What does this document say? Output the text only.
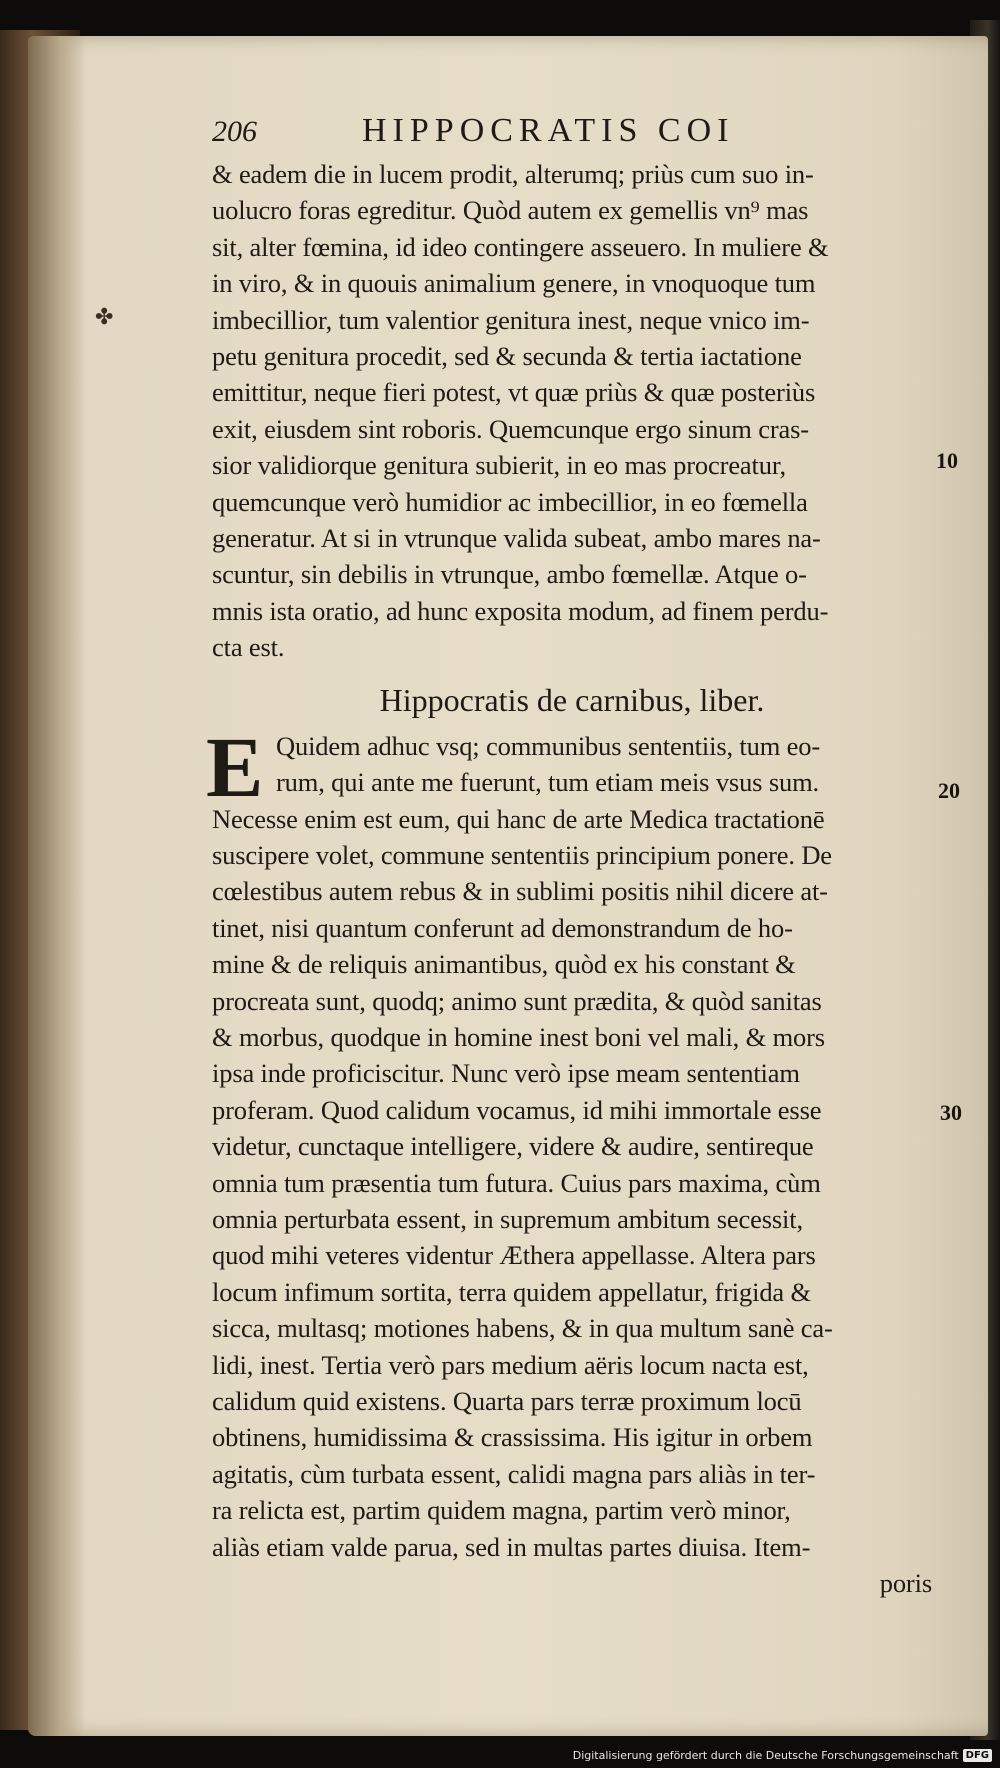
✤
10
20
30
206	HIPPOCRATIS COI
& eadem die in lucem prodit, alterumq; priùs cum suo in-
uolucro foras egreditur. Quòd autem ex gemellis vn⁹ mas
sit, alter fœmina, id ideo contingere asseuero. In muliere &
in viro, & in quouis animalium genere, in vnoquoque tum
imbecillior, tum valentior genitura inest, neque vnico im-
petu genitura procedit, sed & secunda & tertia iactatione
emittitur, neque fieri potest, vt quæ priùs & quæ posteriùs
exit, eiusdem sint roboris. Quemcunque ergo sinum cras-
sior validiorque genitura subierit, in eo mas procreatur,
quemcunque verò humidior ac imbecillior, in eo fœmella
generatur. At si in vtrunque valida subeat, ambo mares na-
scuntur, sin debilis in vtrunque, ambo fœmellæ. Atque o-
mnis ista oratio, ad hunc exposita modum, ad finem perdu-
cta est.
Hippocratis de carnibus, liber.
E Quidem adhuc vsq; communibus sententiis, tum eo-
rum, qui ante me fuerunt, tum etiam meis vsus sum.
Necesse enim est eum, qui hanc de arte Medica tractationē
suscipere volet, commune sententiis principium ponere. De
cœlestibus autem rebus & in sublimi positis nihil dicere at-
tinet, nisi quantum conferunt ad demonstrandum de ho-
mine & de reliquis animantibus, quòd ex his constant &
procreata sunt, quodq; animo sunt prædita, & quòd sanitas
& morbus, quodque in homine inest boni vel mali, & mors
ipsa inde proficiscitur. Nunc verò ipse meam sententiam
proferam. Quod calidum vocamus, id mihi immortale esse
videtur, cunctaque intelligere, videre & audire, sentireque
omnia tum præsentia tum futura. Cuius pars maxima, cùm
omnia perturbata essent, in supremum ambitum secessit,
quod mihi veteres videntur Æthera appellasse. Altera pars
locum infimum sortita, terra quidem appellatur, frigida &
sicca, multasq; motiones habens, & in qua multum sanè ca-
lidi, inest. Tertia verò pars medium aëris locum nacta est,
calidum quid existens. Quarta pars terræ proximum locū
obtinens, humidissima & crassissima. His igitur in orbem
agitatis, cùm turbata essent, calidi magna pars aliàs in ter-
ra relicta est, partim quidem magna, partim verò minor,
aliàs etiam valde parua, sed in multas partes diuisa. Item-
poris
Digitalisierung gefördert durch die Deutsche Forschungsgemeinschaft DFG
